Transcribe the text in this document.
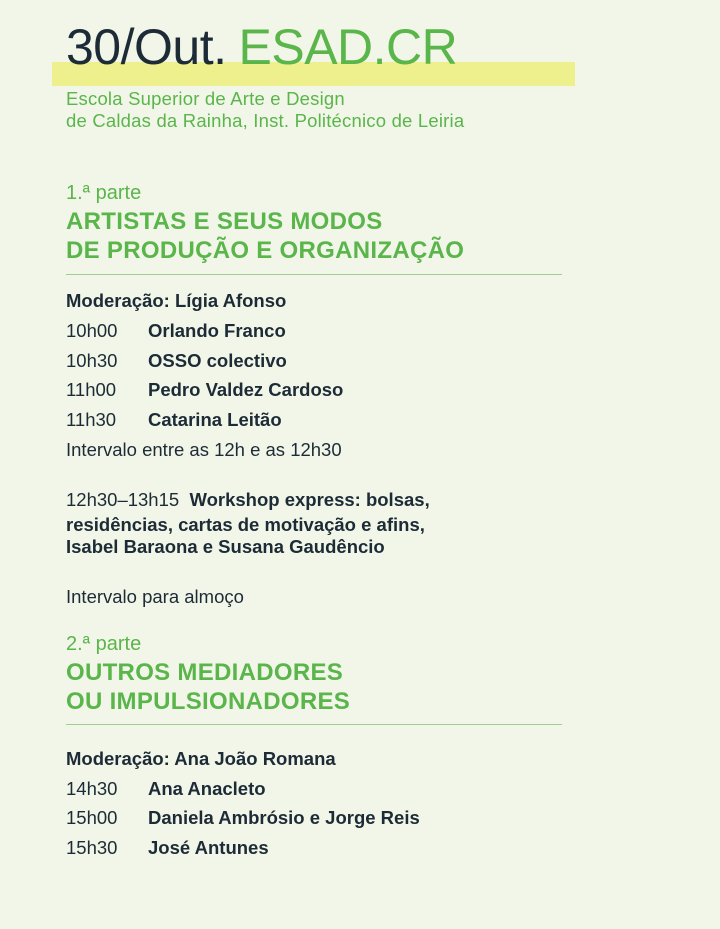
30/Out. ESAD.CR
Escola Superior de Arte e Design
de Caldas da Rainha, Inst. Politécnico de Leiria
1.ª parte
ARTISTAS E SEUS MODOS
DE PRODUÇÃO E ORGANIZAÇÃO
Moderação: Lígia Afonso
10h00 Orlando Franco
10h30 OSSO colectivo
11h00 Pedro Valdez Cardoso
11h30 Catarina Leitão
Intervalo entre as 12h e as 12h30
12h30–13h15 Workshop express: bolsas,
residências, cartas de motivação e afins,
Isabel Baraona e Susana Gaudêncio
Intervalo para almoço
2.ª parte
OUTROS MEDIADORES
OU IMPULSIONADORES
Moderação: Ana João Romana
14h30 Ana Anacleto
15h00 Daniela Ambrósio e Jorge Reis
15h30 José Antunes
